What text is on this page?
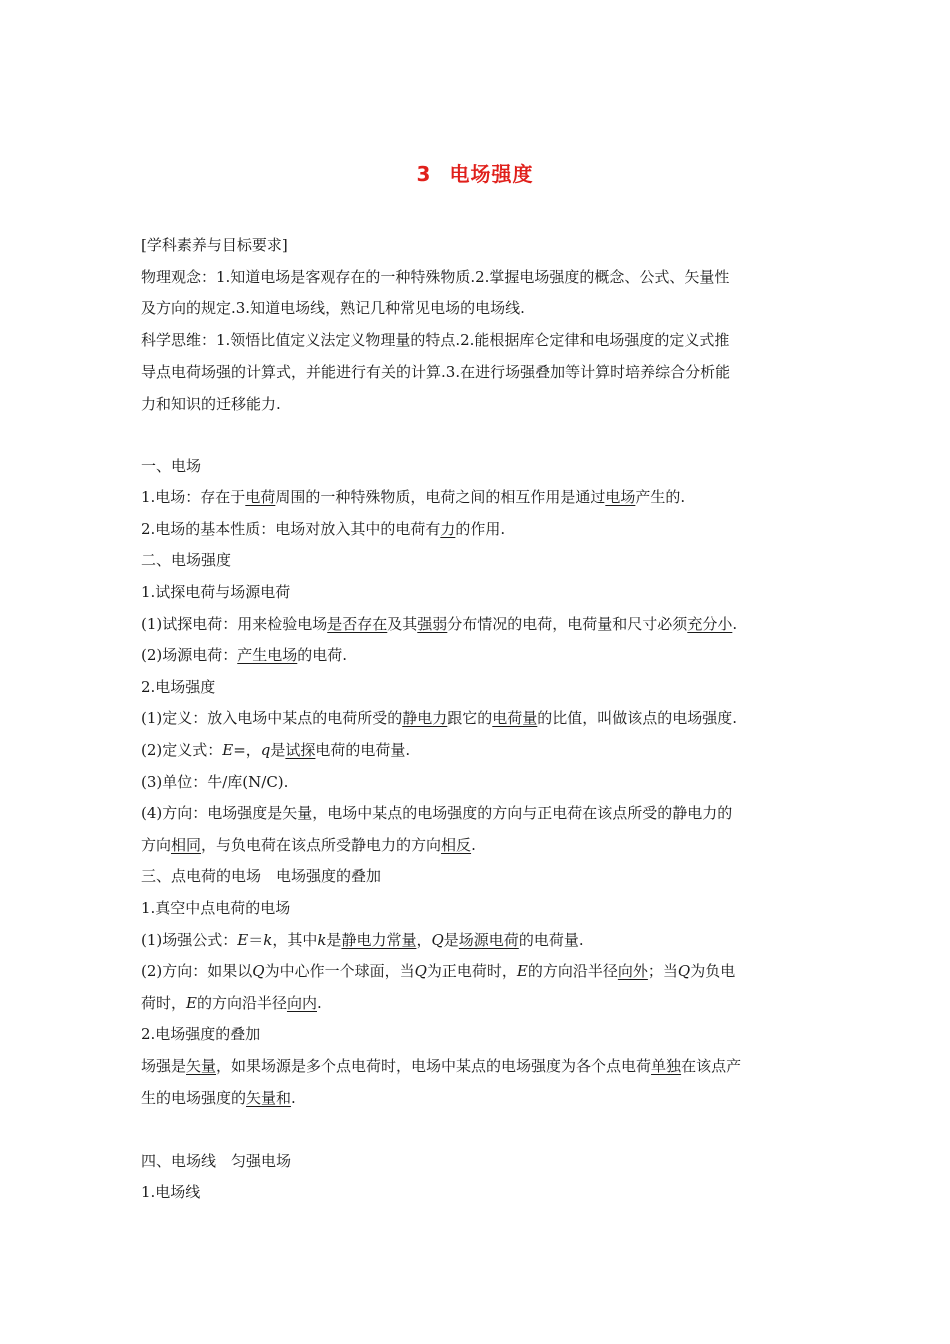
3 电场强度
[学科素养与目标要求]
物理观念：1.知道电场是客观存在的一种特殊物质.2.掌握电场强度的概念、公式、矢量性
及方向的规定.3.知道电场线，熟记几种常见电场的电场线.
科学思维：1.领悟比值定义法定义物理量的特点.2.能根据库仑定律和电场强度的定义式推
导点电荷场强的计算式，并能进行有关的计算.3.在进行场强叠加等计算时培养综合分析能
力和知识的迁移能力.
一、电场
1.电场：存在于电荷周围的一种特殊物质，电荷之间的相互作用是通过电场产生的.
2.电场的基本性质：电场对放入其中的电荷有力的作用.
二、电场强度
1.试探电荷与场源电荷
(1)试探电荷：用来检验电场是否存在及其强弱分布情况的电荷，电荷量和尺寸必须充分小.
(2)场源电荷：产生电场的电荷.
2.电场强度
(1)定义：放入电场中某点的电荷所受的静电力跟它的电荷量的比值，叫做该点的电场强度.
(2)定义式：E=，q是试探电荷的电荷量.
(3)单位：牛/库(N/C).
(4)方向：电场强度是矢量，电场中某点的电场强度的方向与正电荷在该点所受的静电力的
方向相同，与负电荷在该点所受静电力的方向相反.
三、点电荷的电场　电场强度的叠加
1.真空中点电荷的电场
(1)场强公式：E＝k，其中k是静电力常量，Q是场源电荷的电荷量.
(2)方向：如果以Q为中心作一个球面，当Q为正电荷时，E的方向沿半径向外；当Q为负电
荷时，E的方向沿半径向内.
2.电场强度的叠加
场强是矢量，如果场源是多个点电荷时，电场中某点的电场强度为各个点电荷单独在该点产
生的电场强度的矢量和.
四、电场线　匀强电场
1.电场线
